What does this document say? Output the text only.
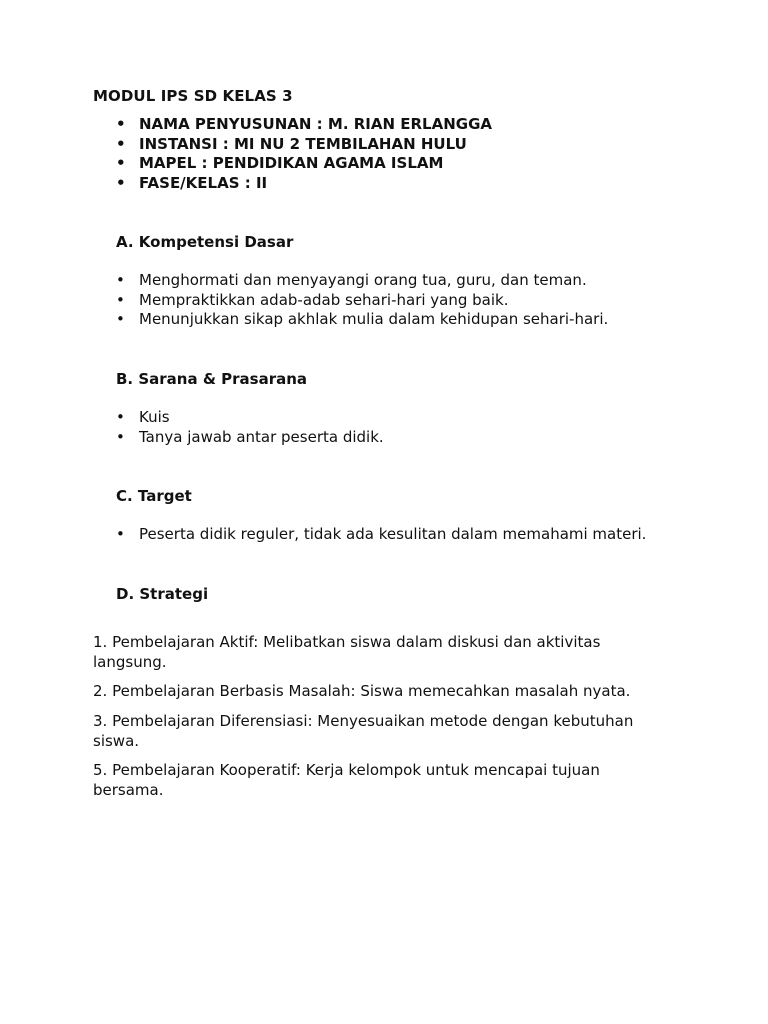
MODUL IPS SD KELAS 3
• NAMA PENYUSUNAN : M. RIAN ERLANGGA
• INSTANSI : MI NU 2 TEMBILAHAN HULU
• MAPEL : PENDIDIKAN AGAMA ISLAM
• FASE/KELAS : II
A. Kompetensi Dasar
• Menghormati dan menyayangi orang tua, guru, dan teman.
• Mempraktikkan adab-adab sehari-hari yang baik.
• Menunjukkan sikap akhlak mulia dalam kehidupan sehari-hari.
B. Sarana & Prasarana
• Kuis
• Tanya jawab antar peserta didik.
C. Target
• Peserta didik reguler, tidak ada kesulitan dalam memahami materi.
D. Strategi
1. Pembelajaran Aktif: Melibatkan siswa dalam diskusi dan aktivitas langsung.
2. Pembelajaran Berbasis Masalah: Siswa memecahkan masalah nyata.
3. Pembelajaran Diferensiasi: Menyesuaikan metode dengan kebutuhan siswa.
5. Pembelajaran Kooperatif: Kerja kelompok untuk mencapai tujuan bersama.
